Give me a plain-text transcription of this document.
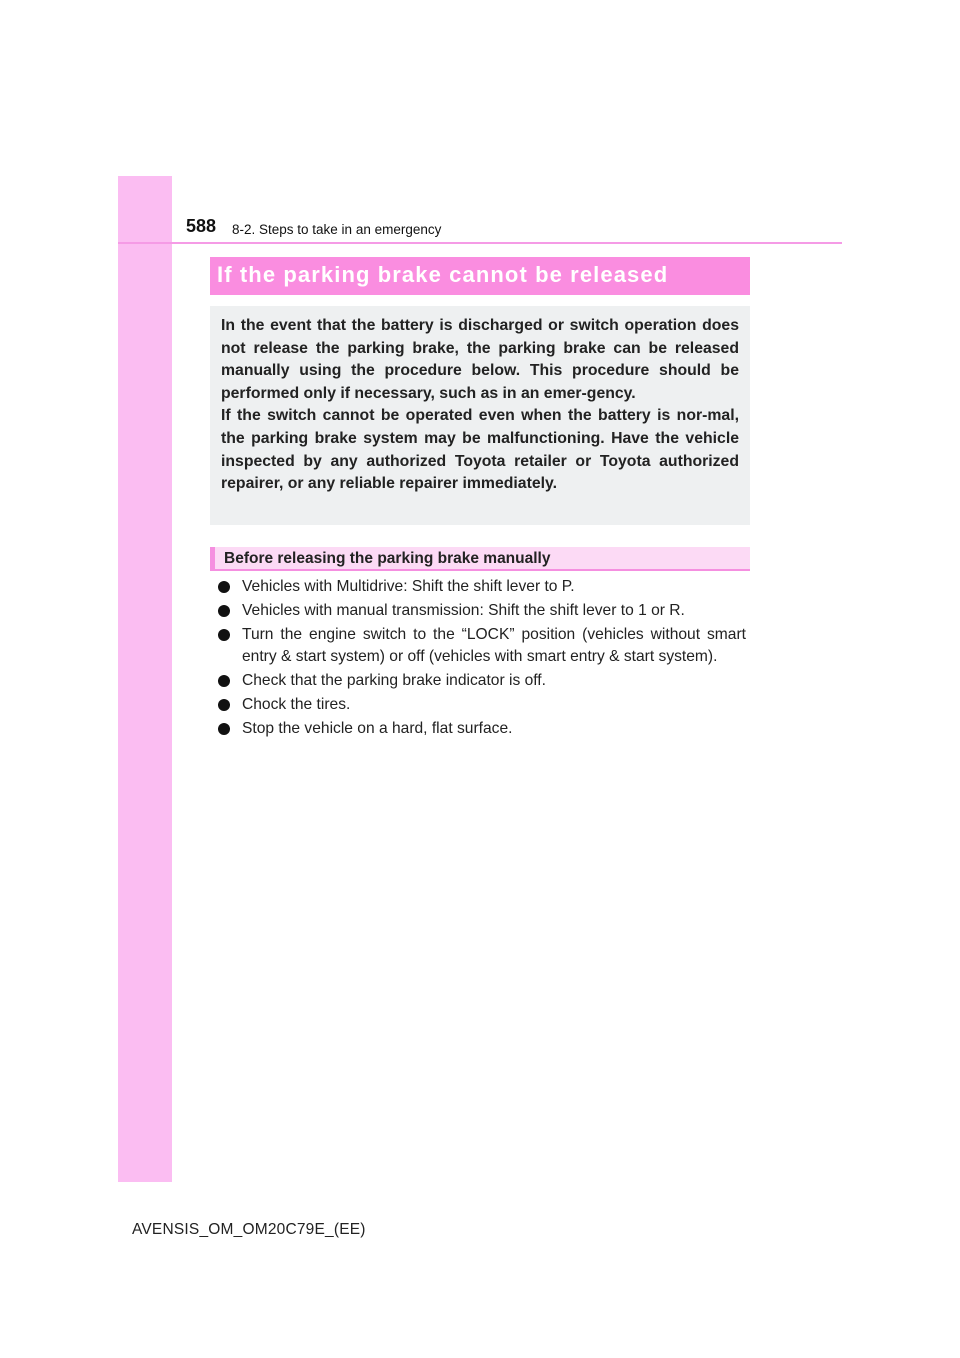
588 8-2. Steps to take in an emergency
If the parking brake cannot be released

In the event that the battery is discharged or switch operation does not release the parking brake, the parking brake can be released manually using the procedure below. This procedure should be performed only if necessary, such as in an emer-gency.

If the switch cannot be operated even when the battery is nor-mal, the parking brake system may be malfunctioning. Have the vehicle inspected by any authorized Toyota retailer or Toyota authorized repairer, or any reliable repairer immediately.

Before releasing the parking brake manually
Vehicles with Multidrive: Shift the shift lever to P.
Vehicles with manual transmission: Shift the shift lever to 1 or R.
Turn the engine switch to the “LOCK” position (vehicles without smart entry & start system) or off (vehicles with smart entry & start system).
Check that the parking brake indicator is off.
Chock the tires.
Stop the vehicle on a hard, flat surface.
AVENSIS_OM_OM20C79E_(EE)
